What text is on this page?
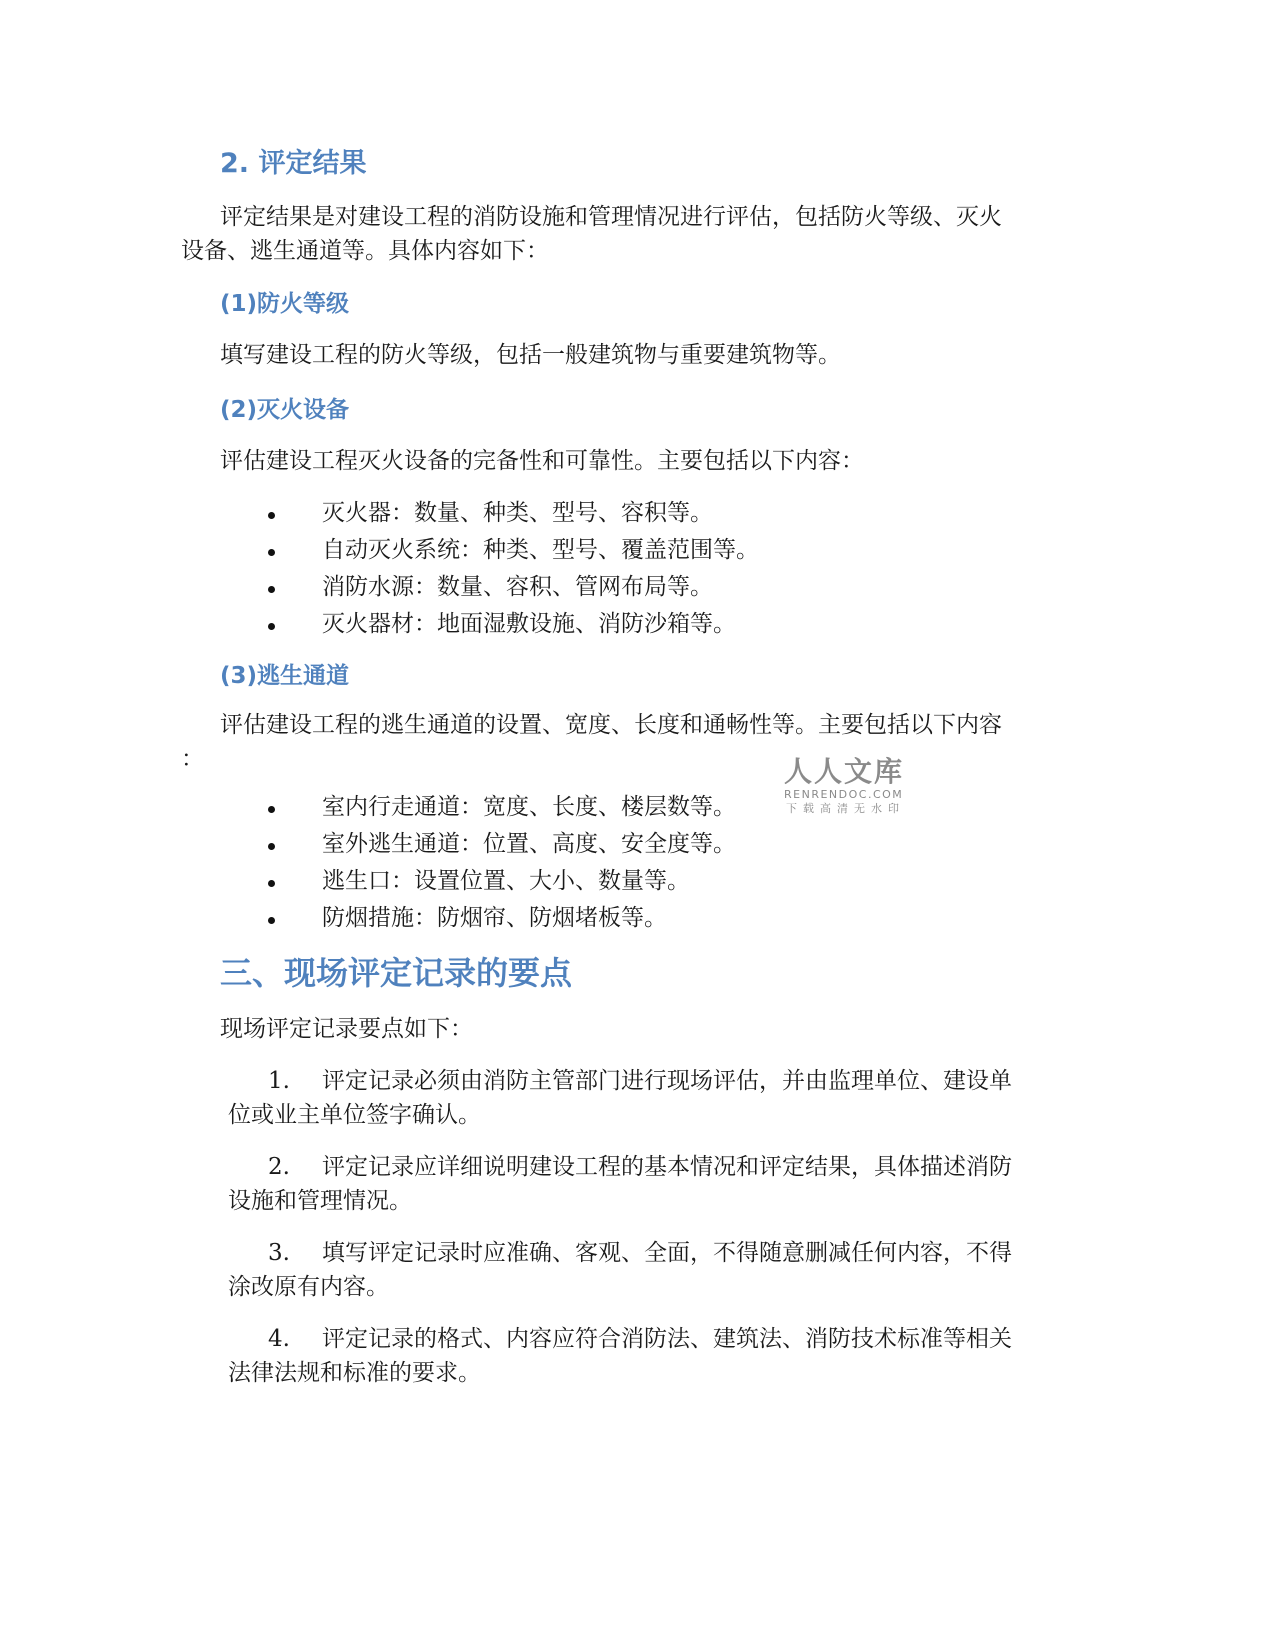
2. 评定结果
评定结果是对建设工程的消防设施和管理情况进行评估，包括防火等级、灭火
设备、逃生通道等。具体内容如下：
(1)防火等级
填写建设工程的防火等级，包括一般建筑物与重要建筑物等。
(2)灭火设备
评估建设工程灭火设备的完备性和可靠性。主要包括以下内容：
灭火器：数量、种类、型号、容积等。
自动灭火系统：种类、型号、覆盖范围等。
消防水源：数量、容积、管网布局等。
灭火器材：地面湿敷设施、消防沙箱等。
(3)逃生通道
评估建设工程的逃生通道的设置、宽度、长度和通畅性等。主要包括以下内容
：
室内行走通道：宽度、长度、楼层数等。
室外逃生通道：位置、高度、安全度等。
逃生口：设置位置、大小、数量等。
防烟措施：防烟帘、防烟堵板等。
三、现场评定记录的要点
现场评定记录要点如下：
1. 评定记录必须由消防主管部门进行现场评估，并由监理单位、建设单
位或业主单位签字确认。
2. 评定记录应详细说明建设工程的基本情况和评定结果，具体描述消防
设施和管理情况。
3. 填写评定记录时应准确、客观、全面，不得随意删减任何内容，不得
涂改原有内容。
4. 评定记录的格式、内容应符合消防法、建筑法、消防技术标准等相关
法律法规和标准的要求。
人人文库
RENRENDOC.COM
下载高清无水印
